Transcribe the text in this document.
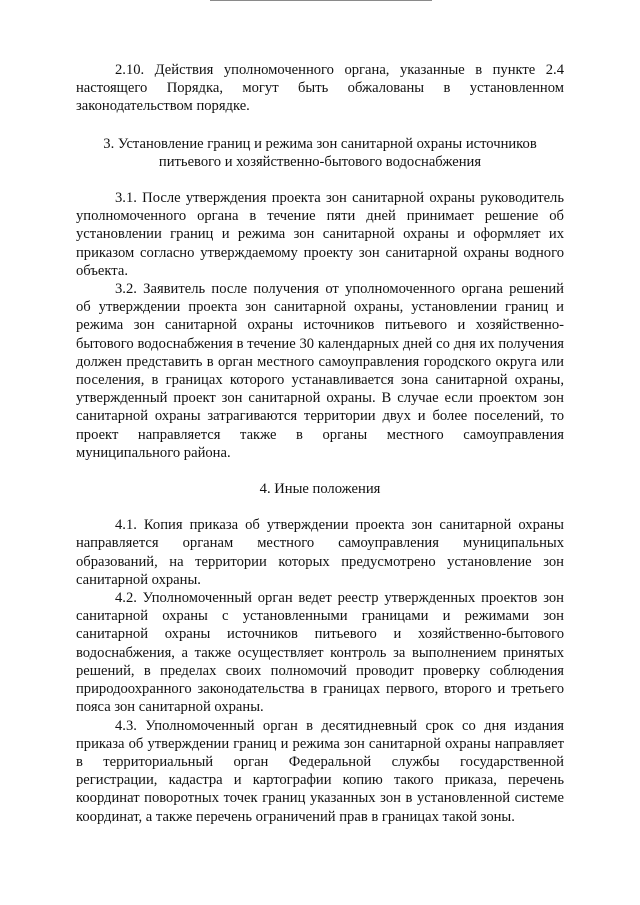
2.10. Действия уполномоченного органа, указанные в пункте 2.4 настоящего Порядка, могут быть обжалованы в установленном законодательством порядке.

3. Установление границ и режима зон санитарной охраны источников питьевого и хозяйственно-бытового водоснабжения

3.1. После утверждения проекта зон санитарной охраны руководитель уполномоченного органа в течение пяти дней принимает решение об установлении границ и режима зон санитарной охраны и оформляет их приказом согласно утверждаемому проекту зон санитарной охраны водного объекта.

3.2. Заявитель после получения от уполномоченного органа решений об утверждении проекта зон санитарной охраны, установлении границ и режима зон санитарной охраны источников питьевого и хозяйственно-бытового водоснабжения в течение 30 календарных дней со дня их получения должен представить в орган местного самоуправления городского округа или поселения, в границах которого устанавливается зона санитарной охраны, утвержденный проект зон санитарной охраны. В случае если проектом зон санитарной охраны затрагиваются территории двух и более поселений, то проект направляется также в органы местного самоуправления муниципального района.

4. Иные положения

4.1. Копия приказа об утверждении проекта зон санитарной охраны направляется органам местного самоуправления муниципальных образований, на территории которых предусмотрено установление зон санитарной охраны.

4.2. Уполномоченный орган ведет реестр утвержденных проектов зон санитарной охраны с установленными границами и режимами зон санитарной охраны источников питьевого и хозяйственно-бытового водоснабжения, а также осуществляет контроль за выполнением принятых решений, в пределах своих полномочий проводит проверку соблюдения природоохранного законодательства в границах первого, второго и третьего пояса зон санитарной охраны.

4.3. Уполномоченный орган в десятидневный срок со дня издания приказа об утверждении границ и режима зон санитарной охраны направляет в территориальный орган Федеральной службы государственной регистрации, кадастра и картографии копию такого приказа, перечень координат поворотных точек границ указанных зон в установленной системе координат, а также перечень ограничений прав в границах такой зоны.
